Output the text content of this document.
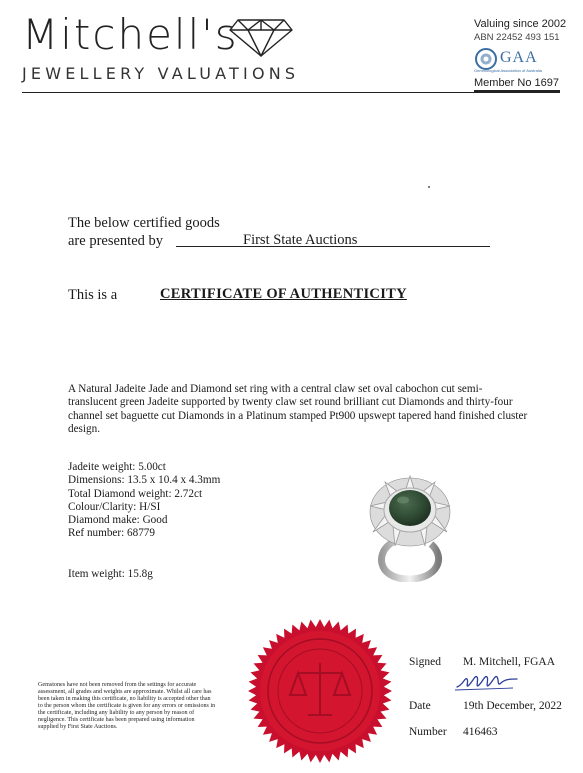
Mitchell's
JEWELLERY VALUATIONS
Valuing since 2002
ABN 22452 493 151
GAA
Gemmological Association of Australia
Member No 1697
The below certified goods
are presented by	First State Auctions
This is a	CERTIFICATE OF AUTHENTICITY
A Natural Jadeite Jade and Diamond set ring with a central claw set oval cabochon cut semi-translucent green Jadeite supported by twenty claw set round brilliant cut Diamonds and thirty-four channel set baguette cut Diamonds in a Platinum stamped Pt900 upswept tapered hand finished cluster design.
Jadeite weight: 5.00ct
Dimensions: 13.5 x 10.4 x 4.3mm
Total Diamond weight: 2.72ct
Colour/Clarity: H/SI
Diamond make: Good
Ref number: 68779
Item weight: 15.8g
Gemstones have not been removed from the settings for accurate assessment, all grades and weights are approximate. Whilst all care has been taken in making this certificate, no liability is accepted other than to the person whom the certificate is given for any errors or omissions in the certificate, including any liability to any person by reason of negligence. This certificate has been prepared using information supplied by First State Auctions.
Signed M. Mitchell, FGAA
Date	19th December, 2022
Number 416463
